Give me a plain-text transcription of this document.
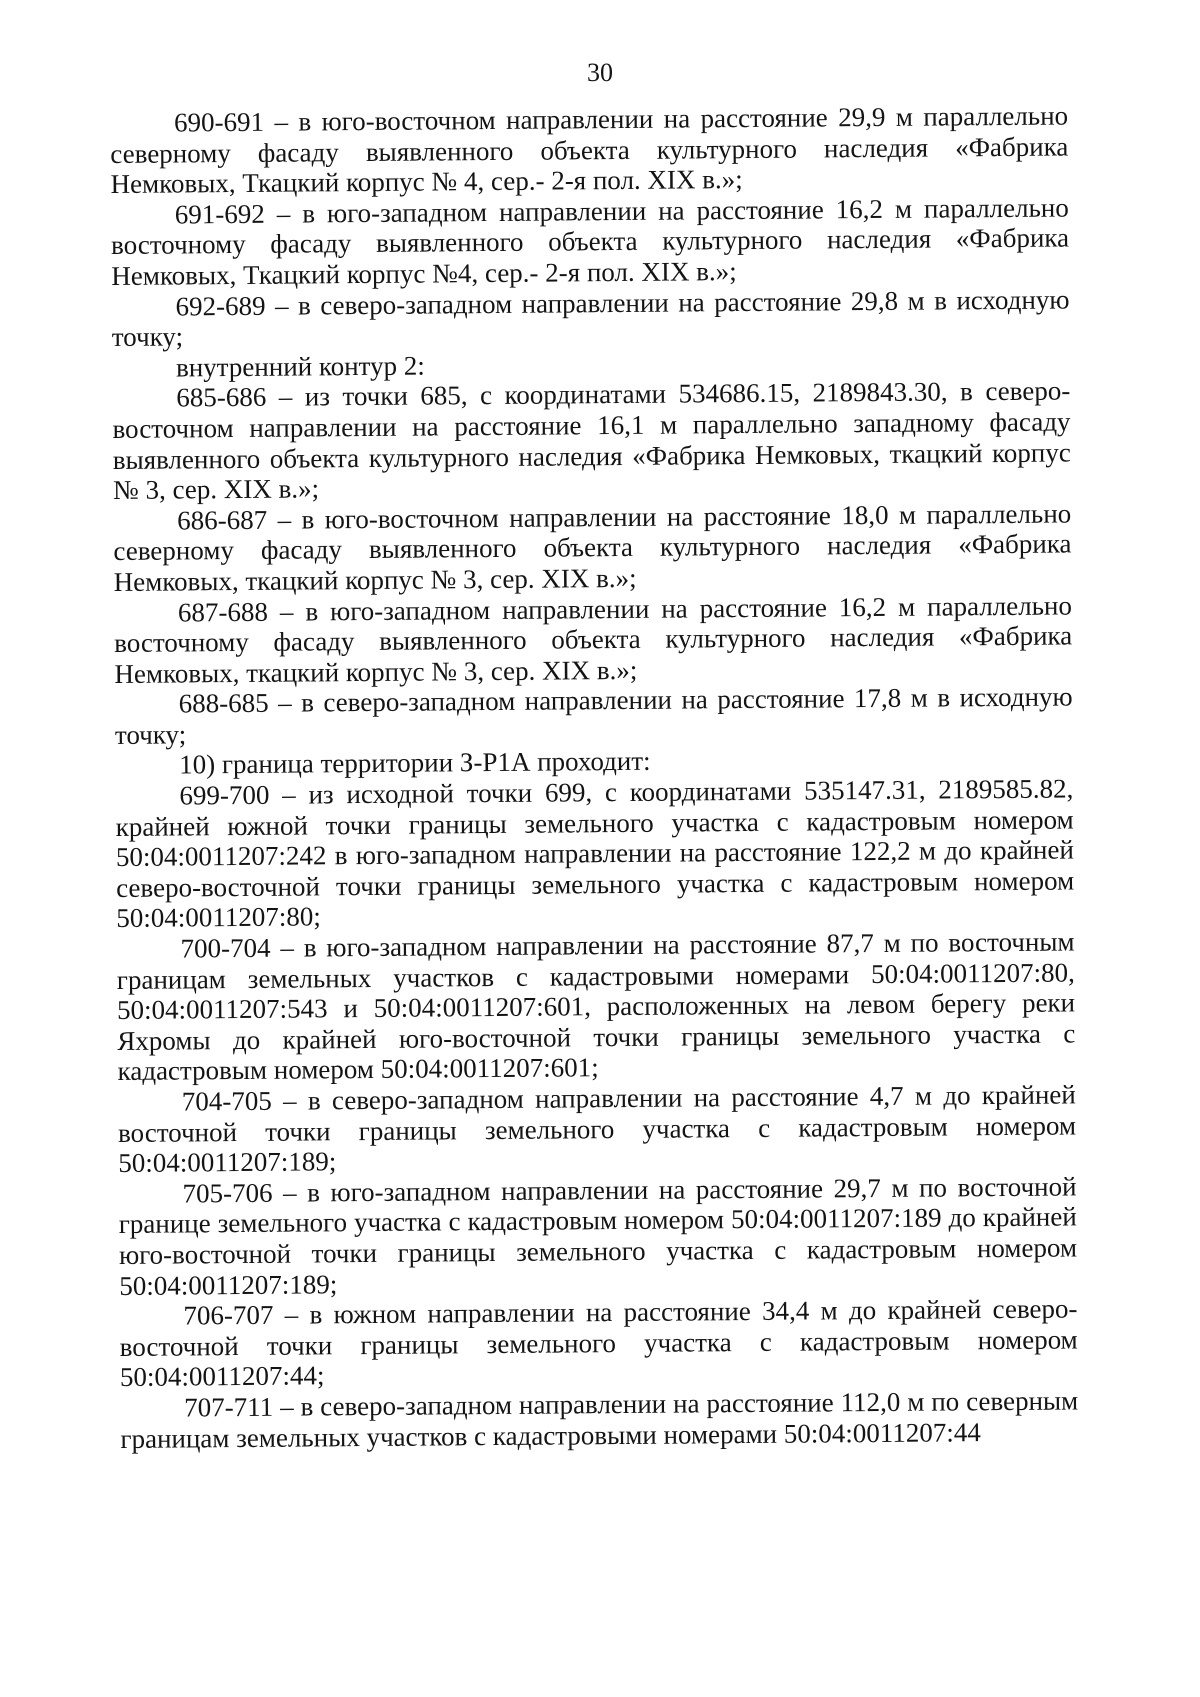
30

690-691 – в юго-восточном направлении на расстояние 29,9 м параллельно северному фасаду выявленного объекта культурного наследия «Фабрика Немковых, Ткацкий корпус № 4, сер.- 2-я пол. XIX в.»;

691-692 – в юго-западном направлении на расстояние 16,2 м параллельно восточному фасаду выявленного объекта культурного наследия «Фабрика Немковых, Ткацкий корпус №4, сер.- 2-я пол. XIX в.»;

692-689 – в северо-западном направлении на расстояние 29,8 м в исходную точку;

внутренний контур 2:

685-686 – из точки 685, с координатами 534686.15, 2189843.30, в северо-восточном направлении на расстояние 16,1 м параллельно западному фасаду выявленного объекта культурного наследия «Фабрика Немковых, ткацкий корпус № 3, сер. XIX в.»;

686-687 – в юго-восточном направлении на расстояние 18,0 м параллельно северному фасаду выявленного объекта культурного наследия «Фабрика Немковых, ткацкий корпус № 3, сер. XIX в.»;

687-688 – в юго-западном направлении на расстояние 16,2 м параллельно восточному фасаду выявленного объекта культурного наследия «Фабрика Немковых, ткацкий корпус № 3, сер. XIX в.»;

688-685 – в северо-западном направлении на расстояние 17,8 м в исходную точку;

10) граница территории З-Р1А проходит:

699-700 – из исходной точки 699, с координатами 535147.31, 2189585.82, крайней южной точки границы земельного участка с кадастровым номером 50:04:0011207:242 в юго-западном направлении на расстояние 122,2 м до крайней северо-восточной точки границы земельного участка с кадастровым номером 50:04:0011207:80;

700-704 – в юго-западном направлении на расстояние 87,7 м по восточным границам земельных участков с кадастровыми номерами 50:04:0011207:80, 50:04:0011207:543 и 50:04:0011207:601, расположенных на левом берегу реки Яхромы до крайней юго-восточной точки границы земельного участка с кадастровым номером 50:04:0011207:601;

704-705 – в северо-западном направлении на расстояние 4,7 м до крайней восточной точки границы земельного участка с кадастровым номером 50:04:0011207:189;

705-706 – в юго-западном направлении на расстояние 29,7 м по восточной границе земельного участка с кадастровым номером 50:04:0011207:189 до крайней юго-восточной точки границы земельного участка с кадастровым номером 50:04:0011207:189;

706-707 – в южном направлении на расстояние 34,4 м до крайней северо-восточной точки границы земельного участка с кадастровым номером 50:04:0011207:44;

707-711 – в северо-западном направлении на расстояние 112,0 м по северным границам земельных участков с кадастровыми номерами 50:04:0011207:44
